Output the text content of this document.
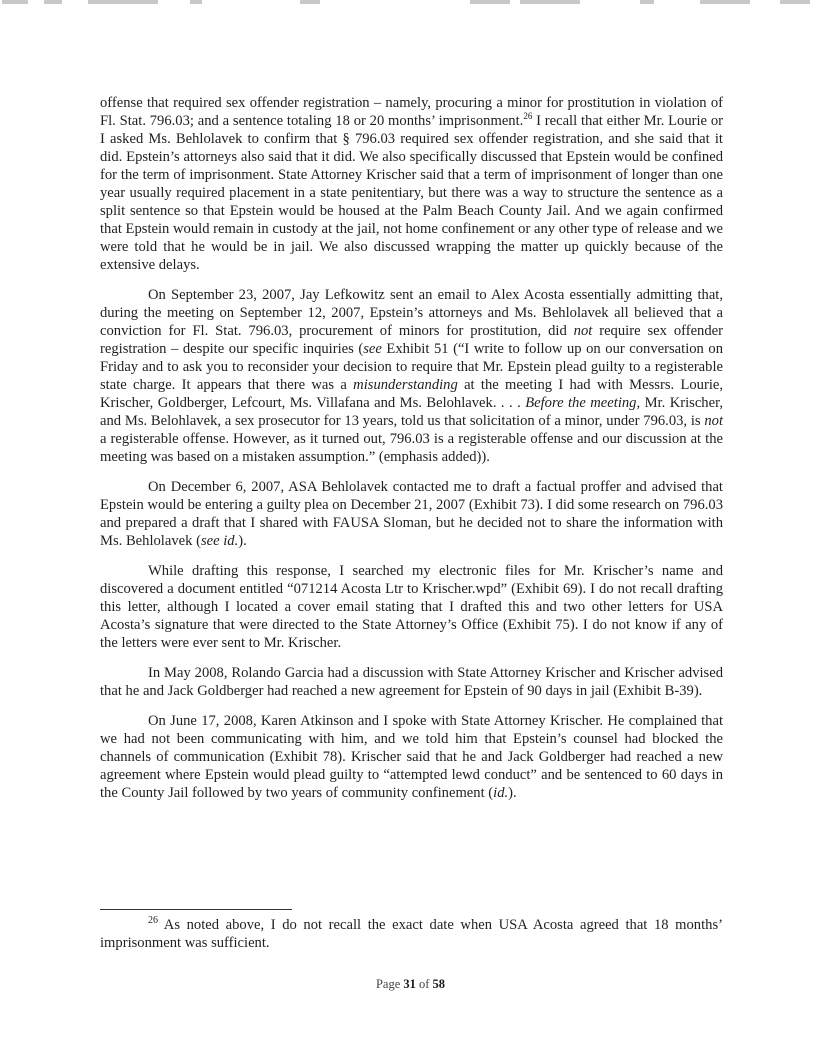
offense that required sex offender registration – namely, procuring a minor for prostitution in violation of Fl. Stat. 796.03; and a sentence totaling 18 or 20 months’ imprisonment.$^{26}$ I recall that either Mr. Lourie or I asked Ms. Behlolavek to confirm that § 796.03 required sex offender registration, and she said that it did. Epstein’s attorneys also said that it did. We also specifically discussed that Epstein would be confined for the term of imprisonment. State Attorney Krischer said that a term of imprisonment of longer than one year usually required placement in a state penitentiary, but there was a way to structure the sentence as a split sentence so that Epstein would be housed at the Palm Beach County Jail. And we again confirmed that Epstein would remain in custody at the jail, not home confinement or any other type of release and we were told that he would be in jail. We also discussed wrapping the matter up quickly because of the extensive delays.

On September 23, 2007, Jay Lefkowitz sent an email to Alex Acosta essentially admitting that, during the meeting on September 12, 2007, Epstein’s attorneys and Ms. Behlolavek all believed that a conviction for Fl. Stat. 796.03, procurement of minors for prostitution, did not require sex offender registration – despite our specific inquiries (see Exhibit 51 (“I write to follow up on our conversation on Friday and to ask you to reconsider your decision to require that Mr. Epstein plead guilty to a registerable state charge. It appears that there was a misunderstanding at the meeting I had with Messrs. Lourie, Krischer, Goldberger, Lefcourt, Ms. Villafana and Ms. Belohlavek. . . . Before the meeting, Mr. Krischer, and Ms. Belohlavek, a sex prosecutor for 13 years, told us that solicitation of a minor, under 796.03, is not a registerable offense. However, as it turned out, 796.03 is a registerable offense and our discussion at the meeting was based on a mistaken assumption.” (emphasis added)).

On December 6, 2007, ASA Behlolavek contacted me to draft a factual proffer and advised that Epstein would be entering a guilty plea on December 21, 2007 (Exhibit 73). I did some research on 796.03 and prepared a draft that I shared with FAUSA Sloman, but he decided not to share the information with Ms. Behlolavek (see id.).

While drafting this response, I searched my electronic files for Mr. Krischer’s name and discovered a document entitled “071214 Acosta Ltr to Krischer.wpd” (Exhibit 69). I do not recall drafting this letter, although I located a cover email stating that I drafted this and two other letters for USA Acosta’s signature that were directed to the State Attorney’s Office (Exhibit 75). I do not know if any of the letters were ever sent to Mr. Krischer.

In May 2008, Rolando Garcia had a discussion with State Attorney Krischer and Krischer advised that he and Jack Goldberger had reached a new agreement for Epstein of 90 days in jail (Exhibit B-39).

On June 17, 2008, Karen Atkinson and I spoke with State Attorney Krischer. He complained that we had not been communicating with him, and we told him that Epstein’s counsel had blocked the channels of communication (Exhibit 78). Krischer said that he and Jack Goldberger had reached a new agreement where Epstein would plead guilty to “attempted lewd conduct” and be sentenced to 60 days in the County Jail followed by two years of community confinement (id.).

$^{26}$ As noted above, I do not recall the exact date when USA Acosta agreed that 18 months’ imprisonment was sufficient.
Page 31 of 58
